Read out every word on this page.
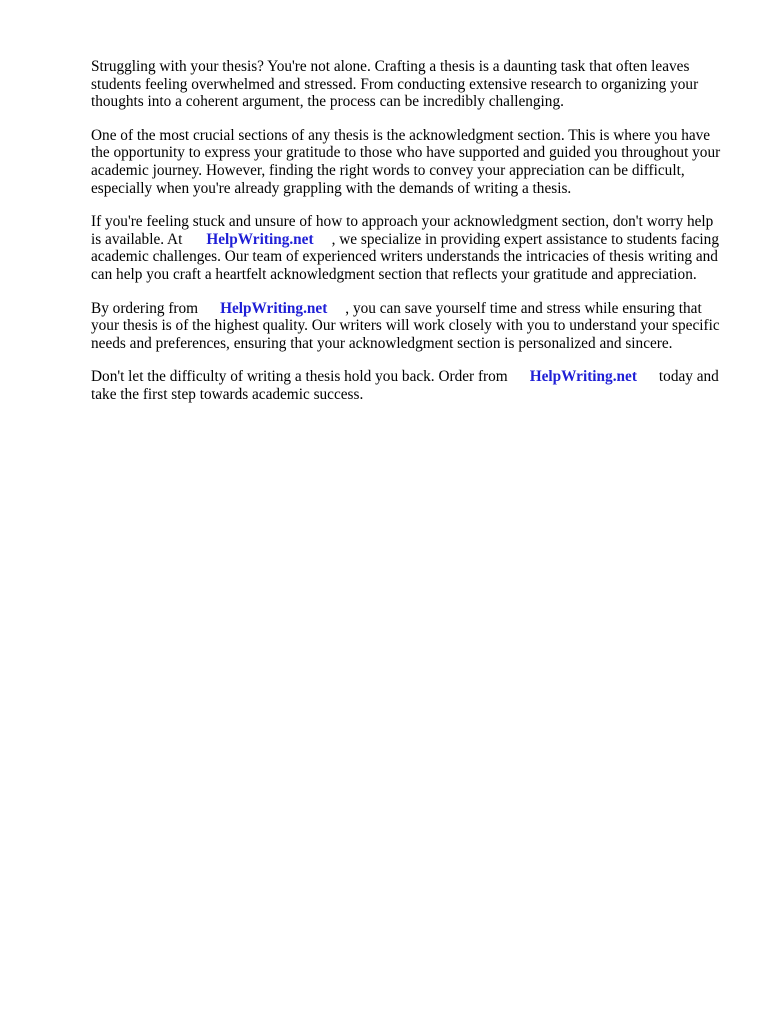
Struggling with your thesis? You're not alone. Crafting a thesis is a daunting task that often leaves students feeling overwhelmed and stressed. From conducting extensive research to organizing your thoughts into a coherent argument, the process can be incredibly challenging.

One of the most crucial sections of any thesis is the acknowledgment section. This is where you have the opportunity to express your gratitude to those who have supported and guided you throughout your academic journey. However, finding the right words to convey your appreciation can be difficult, especially when you're already grappling with the demands of writing a thesis.

If you're feeling stuck and unsure of how to approach your acknowledgment section, don't worry help is available. At HelpWriting.net , we specialize in providing expert assistance to students facing academic challenges. Our team of experienced writers understands the intricacies of thesis writing and can help you craft a heartfelt acknowledgment section that reflects your gratitude and appreciation.

By ordering from HelpWriting.net , you can save yourself time and stress while ensuring that your thesis is of the highest quality. Our writers will work closely with you to understand your specific needs and preferences, ensuring that your acknowledgment section is personalized and sincere.

Don't let the difficulty of writing a thesis hold you back. Order from HelpWriting.net today and take the first step towards academic success.
